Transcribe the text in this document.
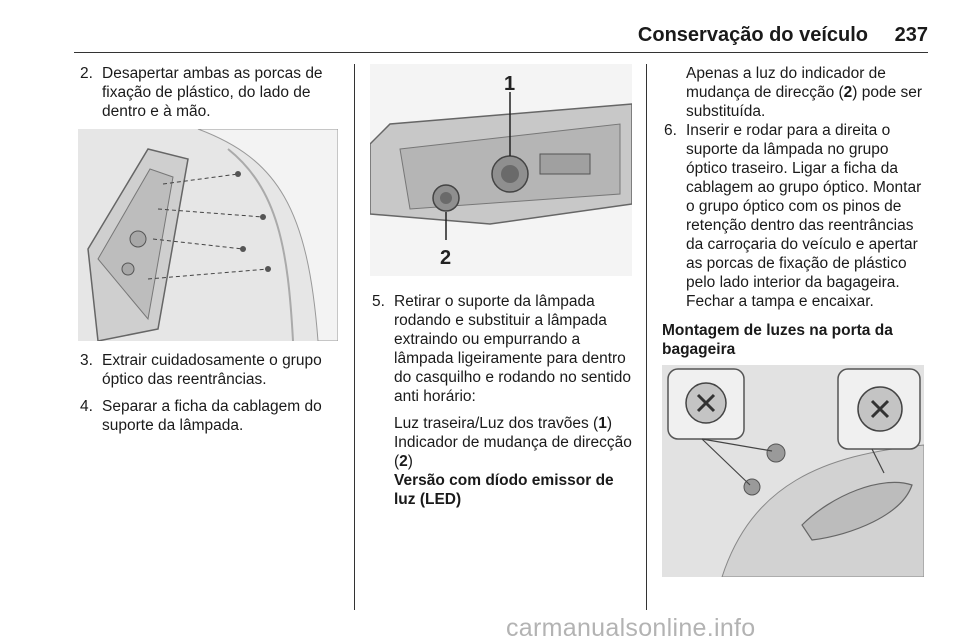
Conservação do veículo 237
2. Desapertar ambas as porcas de fixação de plástico, do lado de dentro e à mão.

3. Extrair cuidadosamente o grupo óptico das reentrâncias.

4. Separar a ficha da cablagem do suporte da lâmpada.

1
2
5. Retirar o suporte da lâmpada rodando e substituir a lâmpada extraindo ou empurrando a lâmpada ligeiramente para dentro do casquilho e rodando no sentido anti horário:

Luz traseira/Luz dos travões (1)

Indicador de mudança de direcção (2)

Versão com díodo emissor de luz (LED)

Apenas a luz do indicador de mudança de direcção (2) pode ser substituída.

6. Inserir e rodar para a direita o suporte da lâmpada no grupo óptico traseiro. Ligar a ficha da cablagem ao grupo óptico. Montar o grupo óptico com os pinos de retenção dentro das reentrâncias da carroçaria do veículo e apertar as porcas de fixação de plástico pelo lado interior da bagageira. Fechar a tampa e encaixar.

Montagem de luzes na porta da bagageira

carmanualsonline.info
